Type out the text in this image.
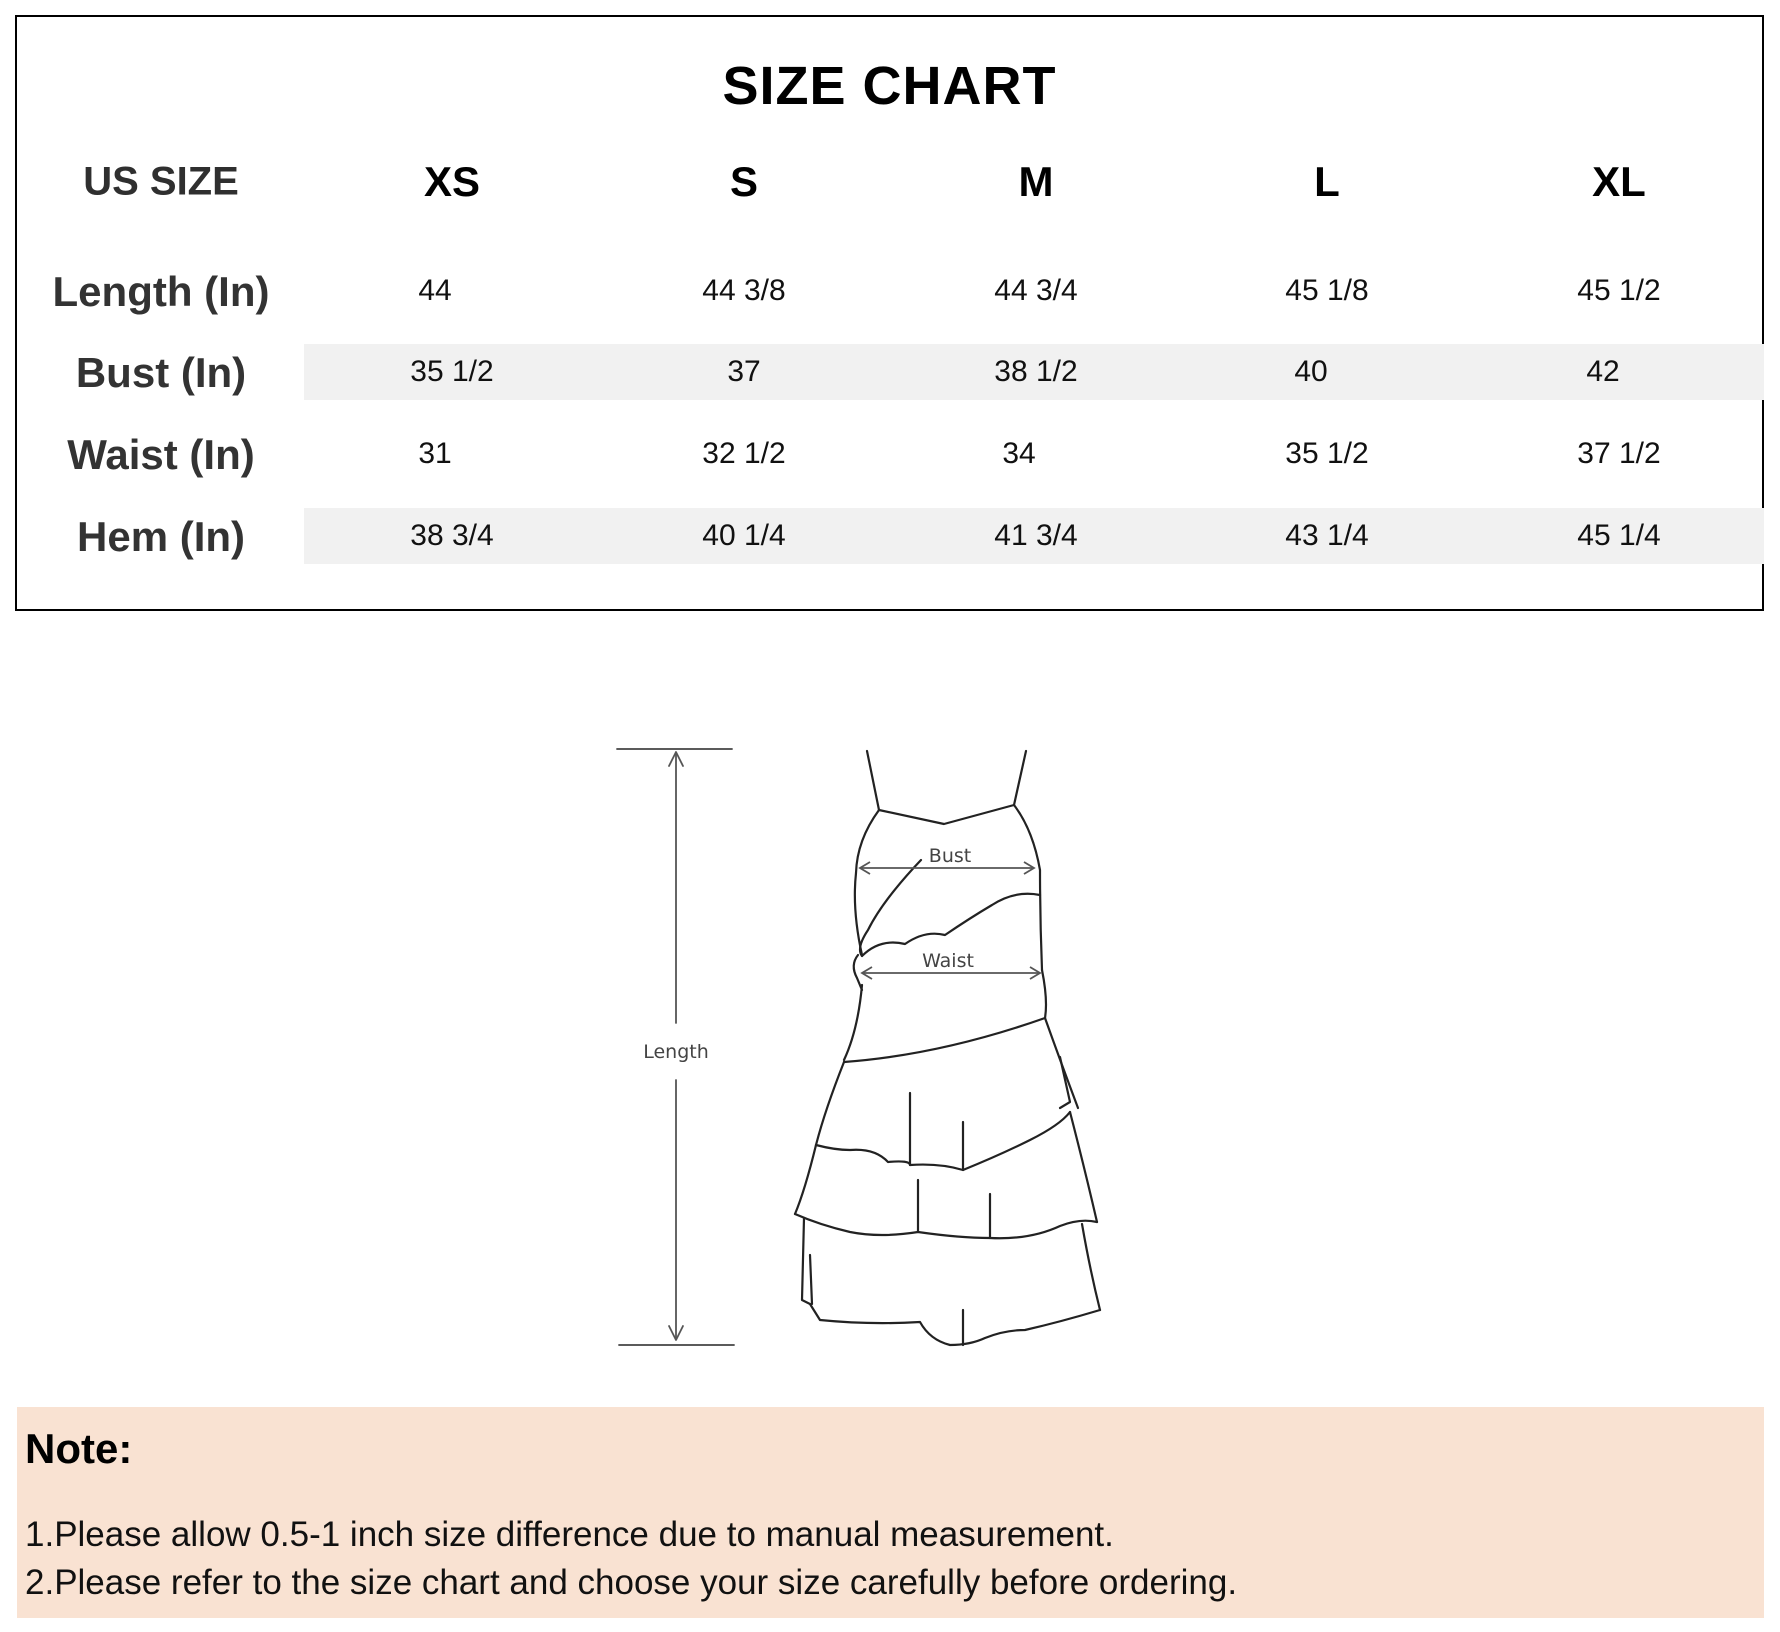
SIZE CHART
US SIZE	XS	S	M	L	XL
Length (In)	44	44 3/8	44 3/4	45 1/8	45 1/2
Bust (In)	35 1/2	37	38 1/2	40	42
Waist (In)	31	32 1/2	34	35 1/2	37 1/2
Hem (In)	38 3/4	40 1/4	41 3/4	43 1/4	45 1/4
Bust
Waist
Length
Note:
1.Please allow 0.5-1 inch size difference due to manual measurement.
2.Please refer to the size chart and choose your size carefully before ordering.
